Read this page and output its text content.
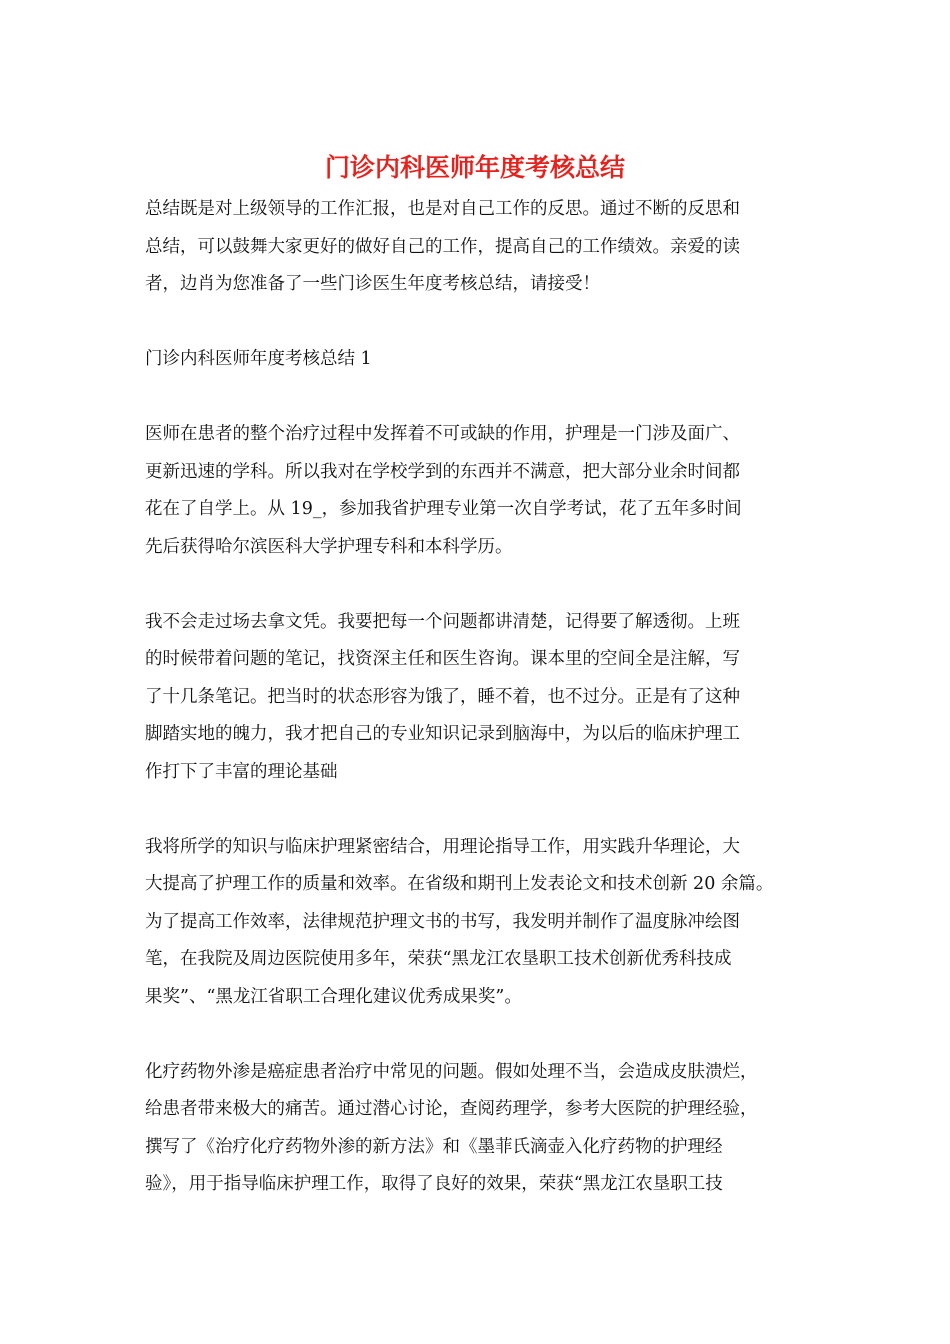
门诊内科医师年度考核总结
总结既是对上级领导的工作汇报，也是对自己工作的反思。通过不断的反思和
总结，可以鼓舞大家更好的做好自己的工作，提高自己的工作绩效。亲爱的读
者，边肖为您准备了一些门诊医生年度考核总结，请接受！
门诊内科医师年度考核总结 1
医师在患者的整个治疗过程中发挥着不可或缺的作用，护理是一门涉及面广、
更新迅速的学科。所以我对在学校学到的东西并不满意，把大部分业余时间都
花在了自学上。从 19_，参加我省护理专业第一次自学考试，花了五年多时间
先后获得哈尔滨医科大学护理专科和本科学历。
我不会走过场去拿文凭。我要把每一个问题都讲清楚，记得要了解透彻。上班
的时候带着问题的笔记，找资深主任和医生咨询。课本里的空间全是注解，写
了十几条笔记。把当时的状态形容为饿了，睡不着，也不过分。正是有了这种
脚踏实地的魄力，我才把自己的专业知识记录到脑海中，为以后的临床护理工
作打下了丰富的理论基础
我将所学的知识与临床护理紧密结合，用理论指导工作，用实践升华理论，大
大提高了护理工作的质量和效率。在省级和期刊上发表论文和技术创新 20 余篇。
为了提高工作效率，法律规范护理文书的书写，我发明并制作了温度脉冲绘图
笔，在我院及周边医院使用多年，荣获“黑龙江农垦职工技术创新优秀科技成
果奖”、“黑龙江省职工合理化建议优秀成果奖”。
化疗药物外渗是癌症患者治疗中常见的问题。假如处理不当，会造成皮肤溃烂，
给患者带来极大的痛苦。通过潜心讨论，查阅药理学，参考大医院的护理经验，
撰写了《治疗化疗药物外渗的新方法》和《墨菲氏滴壶入化疗药物的护理经
验》，用于指导临床护理工作，取得了良好的效果，荣获“黑龙江农垦职工技
